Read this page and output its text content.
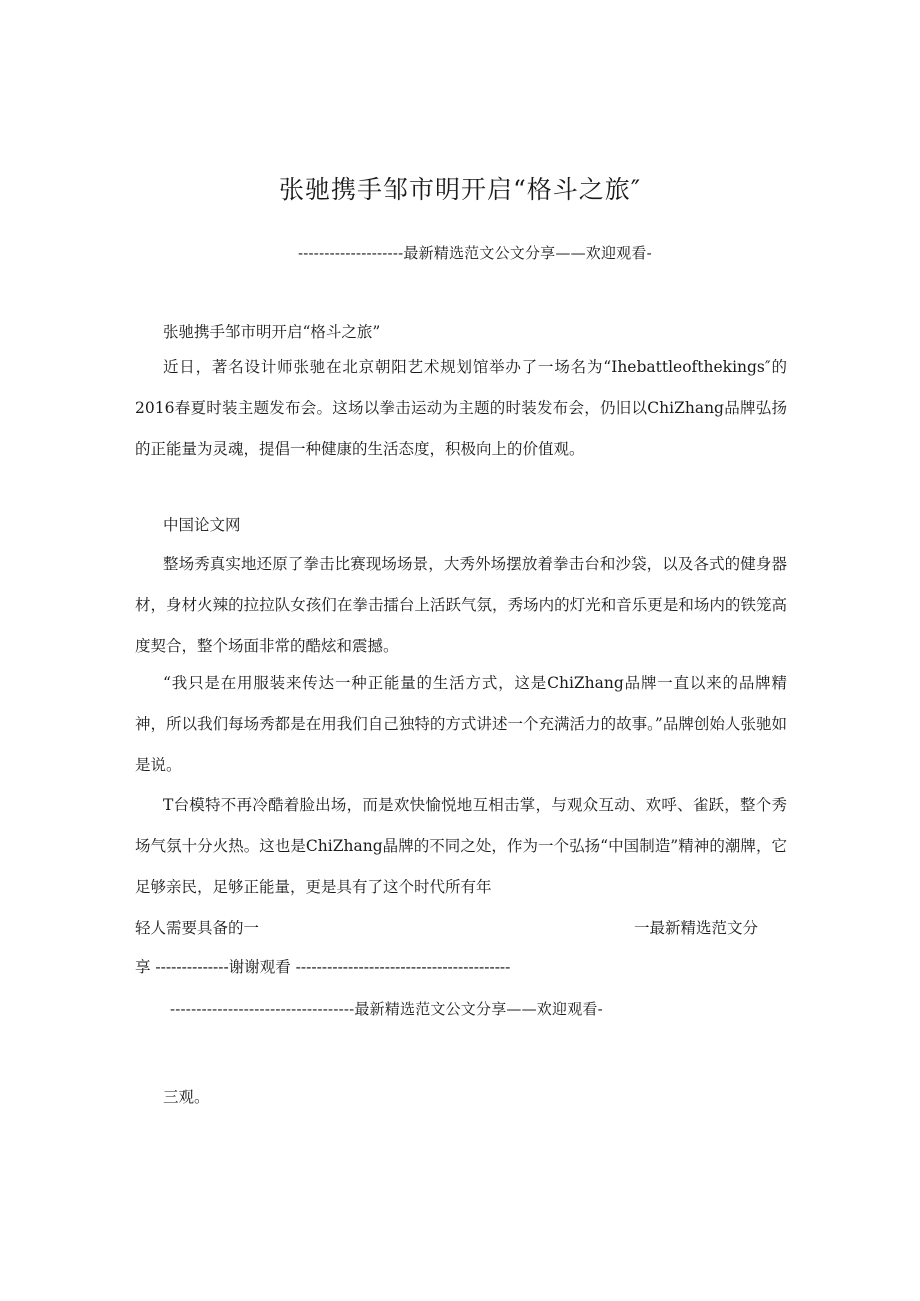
张驰携手邹市明开启“格斗之旅″
--------------------最新精选范文公文分享——欢迎观看-

张驰携手邹市明开启“格斗之旅”

近日，著名设计师张驰在北京朝阳艺术规划馆举办了一场名为“Ihebattleofthekings″的2016春夏时装主题发布会。这场以拳击运动为主题的时装发布会，仍旧以ChiZhang品牌弘扬的正能量为灵魂，提倡一种健康的生活态度，积极向上的价值观。

中国论文网

整场秀真实地还原了拳击比赛现场场景，大秀外场摆放着拳击台和沙袋，以及各式的健身器材，身材火辣的拉拉队女孩们在拳击擂台上活跃气氛，秀场内的灯光和音乐更是和场内的铁笼高度契合，整个场面非常的酷炫和震撼。

“我只是在用服装来传达一种正能量的生活方式，这是ChiZhang品牌一直以来的品牌精神，所以我们每场秀都是在用我们自己独特的方式讲述一个充满活力的故事。”品牌创始人张驰如是说。

T台模特不再冷酷着脸出场，而是欢快愉悦地互相击掌，与观众互动、欢呼、雀跃，整个秀场气氛十分火热。这也是ChiZhang晶牌的不同之处，作为一个弘扬“中国制造”精神的潮牌，它足够亲民，足够正能量，更是具有了这个时代所有年

轻人需要具备的一	一最新精选范文分
享 --------------谢谢观看 -----------------------------------------
-----------------------------------最新精选范文公文分享——欢迎观看-

三观。
